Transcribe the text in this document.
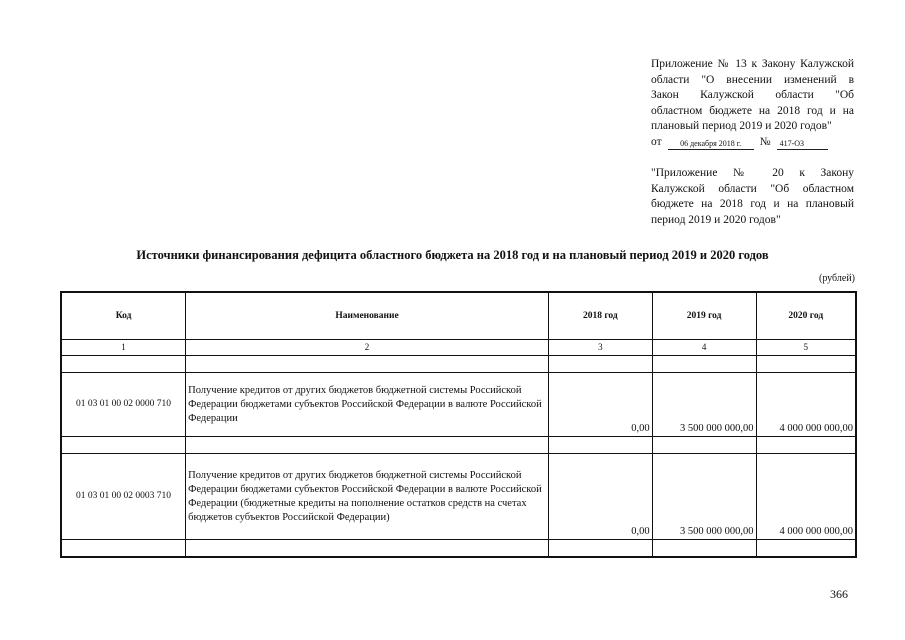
Приложение № 13 к Закону Калужской
области "О внесении изменений в
Закон Калужской области "Об
областном бюджете на 2018 год и на
плановый период 2019 и 2020 годов"
от	06 декабря 2018 г.	№	417-ОЗ
"Приложение № 20 к Закону
Калужской области "Об областном
бюджете на 2018 год и на плановый
период 2019 и 2020 годов"
Источники финансирования дефицита областного бюджета на 2018 год и на плановый период 2019 и 2020 годов
(рублей)
Код	Наименование	2018 год	2019 год	2020 год
1	2	3	4	5

01 03 01 00 02 0000 710	Получение кредитов от других бюджетов бюджетной системы Российской Федерации бюджетами субъектов Российской Федерации в валюте Российской Федерации	0,00	3 500 000 000,00	4 000 000 000,00

01 03 01 00 02 0003 710	Получение кредитов от других бюджетов бюджетной системы Российской Федерации бюджетами субъектов Российской Федерации в валюте Российской Федерации (бюджетные кредиты на пополнение остатков средств на счетах бюджетов субъектов Российской Федерации)	0,00	3 500 000 000,00	4 000 000 000,00

366
